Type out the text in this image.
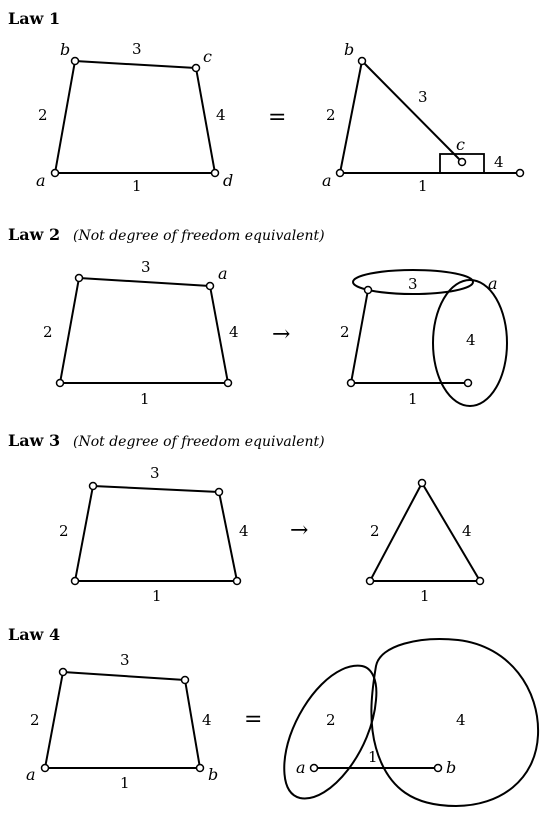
Law 1
1
2
3
4
a
b	c
d
=
1
2
3
4
a
b
c
Law 2 (Not degree of freedom equivalent)
1
2
3
4
a
→
1
2
3
4
a
Law 3 (Not degree of freedom equivalent)
1
2
3
4 →
1
2	4
Law 4
1
2
3
4
a	b
=
1
2	4
a	b
